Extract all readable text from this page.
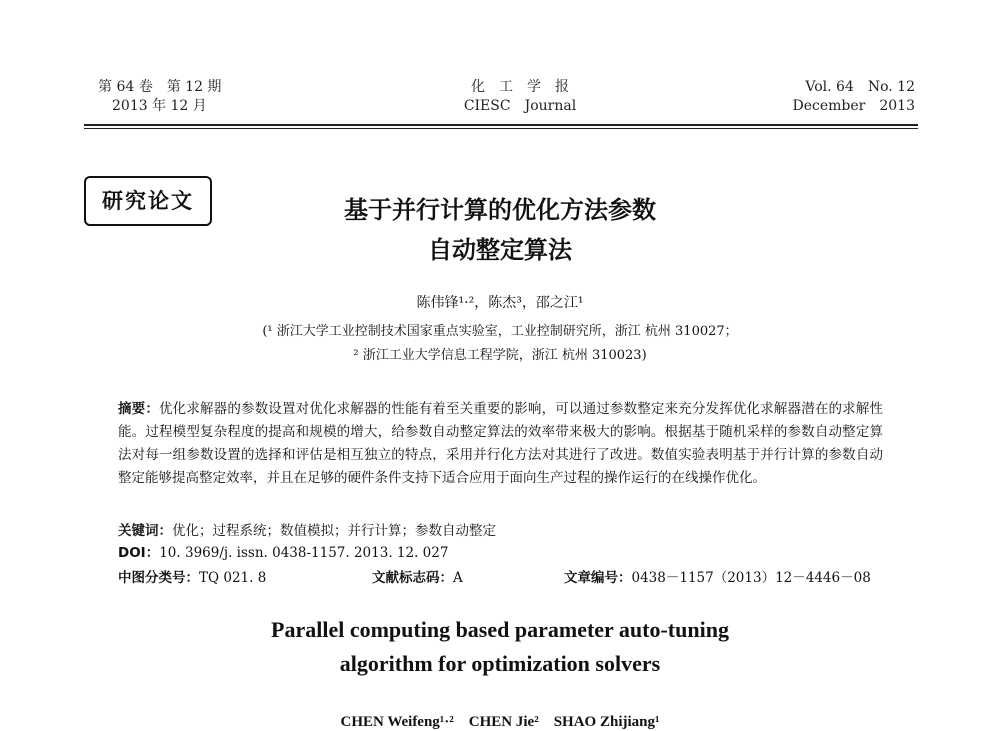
第 64 卷　第 12 期
2013 年 12 月
化　工　学　报
CIESC　Journal
Vol. 64　No. 12
December　2013
研究论文	基于并行计算的优化方法参数
自动整定算法
陈伟锋¹·²，陈杰³，邵之江¹
(¹ 浙江大学工业控制技术国家重点实验室，工业控制研究所，浙江 杭州 310027；
² 浙江工业大学信息工程学院，浙江 杭州 310023)
摘要：优化求解器的参数设置对优化求解器的性能有着至关重要的影响，可以通过参数整定来充分发挥优化求解器潜在的求解性能。过程模型复杂程度的提高和规模的增大，给参数自动整定算法的效率带来极大的影响。根据基于随机采样的参数自动整定算法对每一组参数设置的选择和评估是相互独立的特点，采用并行化方法对其进行了改进。数值实验表明基于并行计算的参数自动整定能够提高整定效率，并且在足够的硬件条件支持下适合应用于面向生产过程的操作运行的在线操作优化。
关键词：优化；过程系统；数值模拟；并行计算；参数自动整定
DOI：10. 3969/j. issn. 0438-1157. 2013. 12. 027
中图分类号：TQ 021. 8	文献标志码：A	文章编号：0438－1157（2013）12－4446－08
Parallel computing based parameter auto-tuning
algorithm for optimization solvers
CHEN Weifeng¹·²　CHEN Jie²　SHAO Zhijiang¹
